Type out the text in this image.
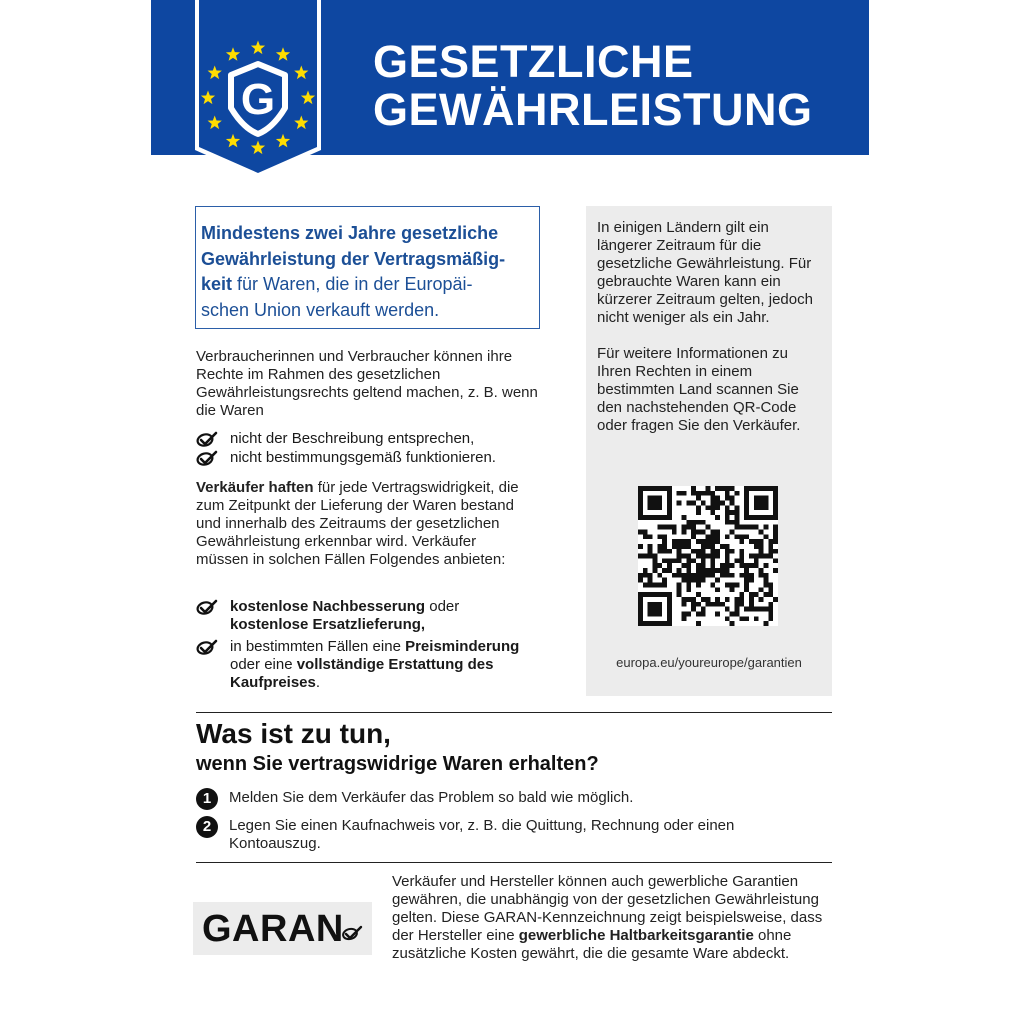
G
GESETZLICHE
GEWÄHRLEISTUNG
Mindestens zwei Jahre gesetzliche
Gewährleistung der Vertragsmäßig-
keit für Waren, die in der Europäi-
schen Union verkauft werden.
Verbraucherinnen und Verbraucher können ihre Rechte im Rahmen des gesetzlichen Gewährleistungsrechts geltend machen, z. B. wenn die Waren
nicht der Beschreibung entsprechen,
nicht bestimmungsgemäß funktionieren.
Verkäufer haften für jede Vertragswidrigkeit, die zum Zeitpunkt der Lieferung der Waren bestand und innerhalb des Zeitraums der gesetzlichen Gewährleistung erkennbar wird. Verkäufer müssen in solchen Fällen Folgendes anbieten:
kostenlose Nachbesserung oder
kostenlose Ersatzlieferung,
in bestimmten Fällen eine Preisminderung oder eine vollständige Erstattung des Kaufpreises.
In einigen Ländern gilt ein längerer Zeitraum für die gesetzliche Gewährleistung. Für gebrauchte Waren kann ein kürzerer Zeitraum gelten, jedoch nicht weniger als ein Jahr.
Für weitere Informationen zu Ihren Rechten in einem bestimmten Land scannen Sie den nachstehenden QR-Code oder fragen Sie den Verkäufer.
europa.eu/youreurope/garantien
Was ist zu tun,
wenn Sie vertragswidrige Waren erhalten?
1	Melden Sie dem Verkäufer das Problem so bald wie möglich.
2	Legen Sie einen Kaufnachweis vor, z. B. die Quittung, Rechnung oder einen Kontoauszug.
GARAN
Verkäufer und Hersteller können auch gewerbliche Garantien gewähren, die unabhängig von der gesetzlichen Gewährleistung gelten. Diese GARAN-Kennzeichnung zeigt beispielsweise, dass der Hersteller eine gewerbliche Haltbarkeitsgarantie ohne zusätzliche Kosten gewährt, die die gesamte Ware abdeckt.
